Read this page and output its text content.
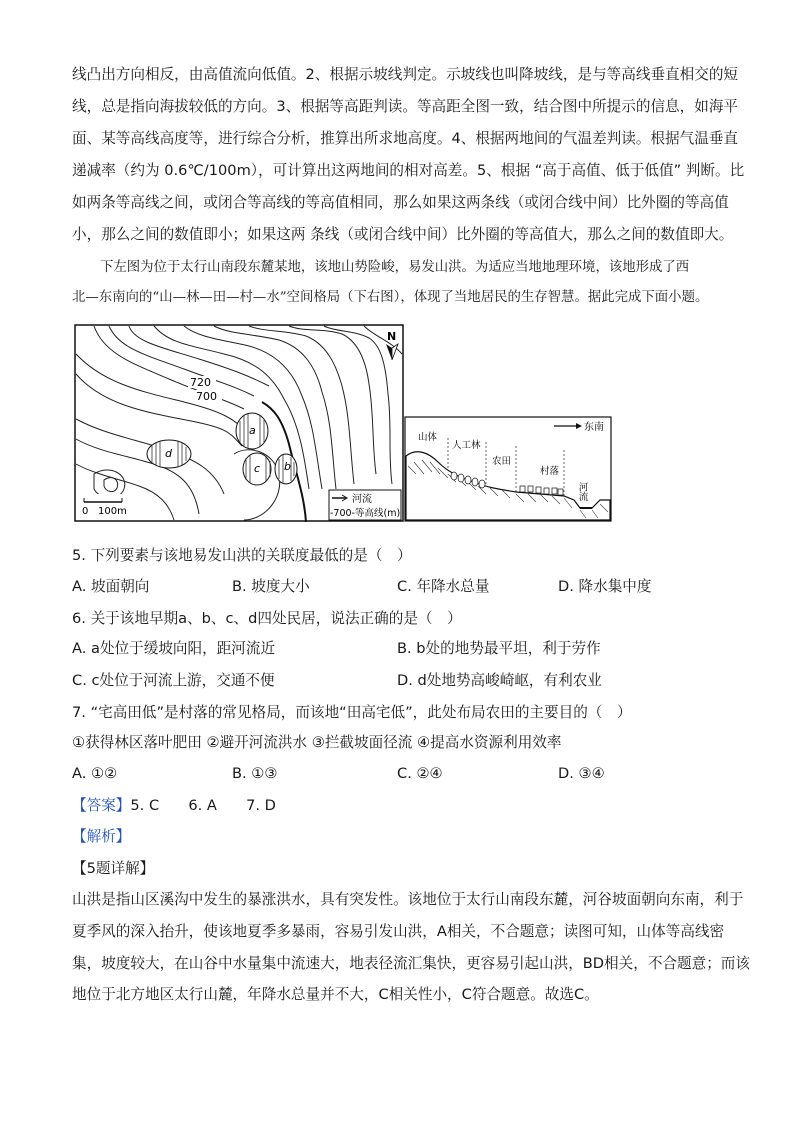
线凸出方向相反，由高值流向低值。2、根据示坡线判定。示坡线也叫降坡线，是与等高线垂直相交的短
线，总是指向海拔较低的方向。3、根据等高距判读。等高距全图一致，结合图中所提示的信息，如海平
面、某等高线高度等，进行综合分析，推算出所求地高度。4、根据两地间的气温差判读。根据气温垂直
递减率（约为 0.6℃/100m），可计算出这两地间的相对高差。5、根据 “高于高值、低于低值” 判断。比
如两条等高线之间，或闭合等高线的等高值相同，那么如果这两条线（或闭合线中间）比外圈的等高值
小，那么之间的数值即小；如果这两 条线（或闭合线中间）比外圈的等高值大，那么之间的数值即大。
下左图为位于太行山南段东麓某地，该地山势险峻，易发山洪。为适应当地地理环境，该地形成了西
北—东南向的“山—林—田—村—水”空间格局（下右图），体现了当地居民的生存智慧。据此完成下面小题。
a
b
c
d
720
700
N
0 100m
河流
-700-等高线(m)
东南
山体
人工林
农田
村落
河流
5. 下列要素与该地易发山洪的关联度最低的是（　）
A. 坡面朝向	B. 坡度大小	C. 年降水总量	D. 降水集中度
6. 关于该地早期a、b、c、d四处民居，说法正确的是（　）
A. a处位于缓坡向阳，距河流近	B. b处的地势最平坦，利于劳作
C. c处位于河流上游，交通不便	D. d处地势高峻崎岖，有利农业
7. “宅高田低”是村落的常见格局，而该地“田高宅低”，此处布局农田的主要目的（　）
①获得林区落叶肥田 ②避开河流洪水 ③拦截坡面径流 ④提高水资源利用效率
A. ①②	B. ①③	C. ②④	D. ③④
【答案】5. C　　6. A　　7. D
【解析】
【5题详解】
山洪是指山区溪沟中发生的暴涨洪水，具有突发性。该地位于太行山南段东麓，河谷坡面朝向东南，利于
夏季风的深入抬升，使该地夏季多暴雨，容易引发山洪，A相关，不合题意；读图可知，山体等高线密
集，坡度较大，在山谷中水量集中流速大，地表径流汇集快，更容易引起山洪，BD相关，不合题意；而该
地位于北方地区太行山麓，年降水总量并不大，C相关性小，C符合题意。故选C。
